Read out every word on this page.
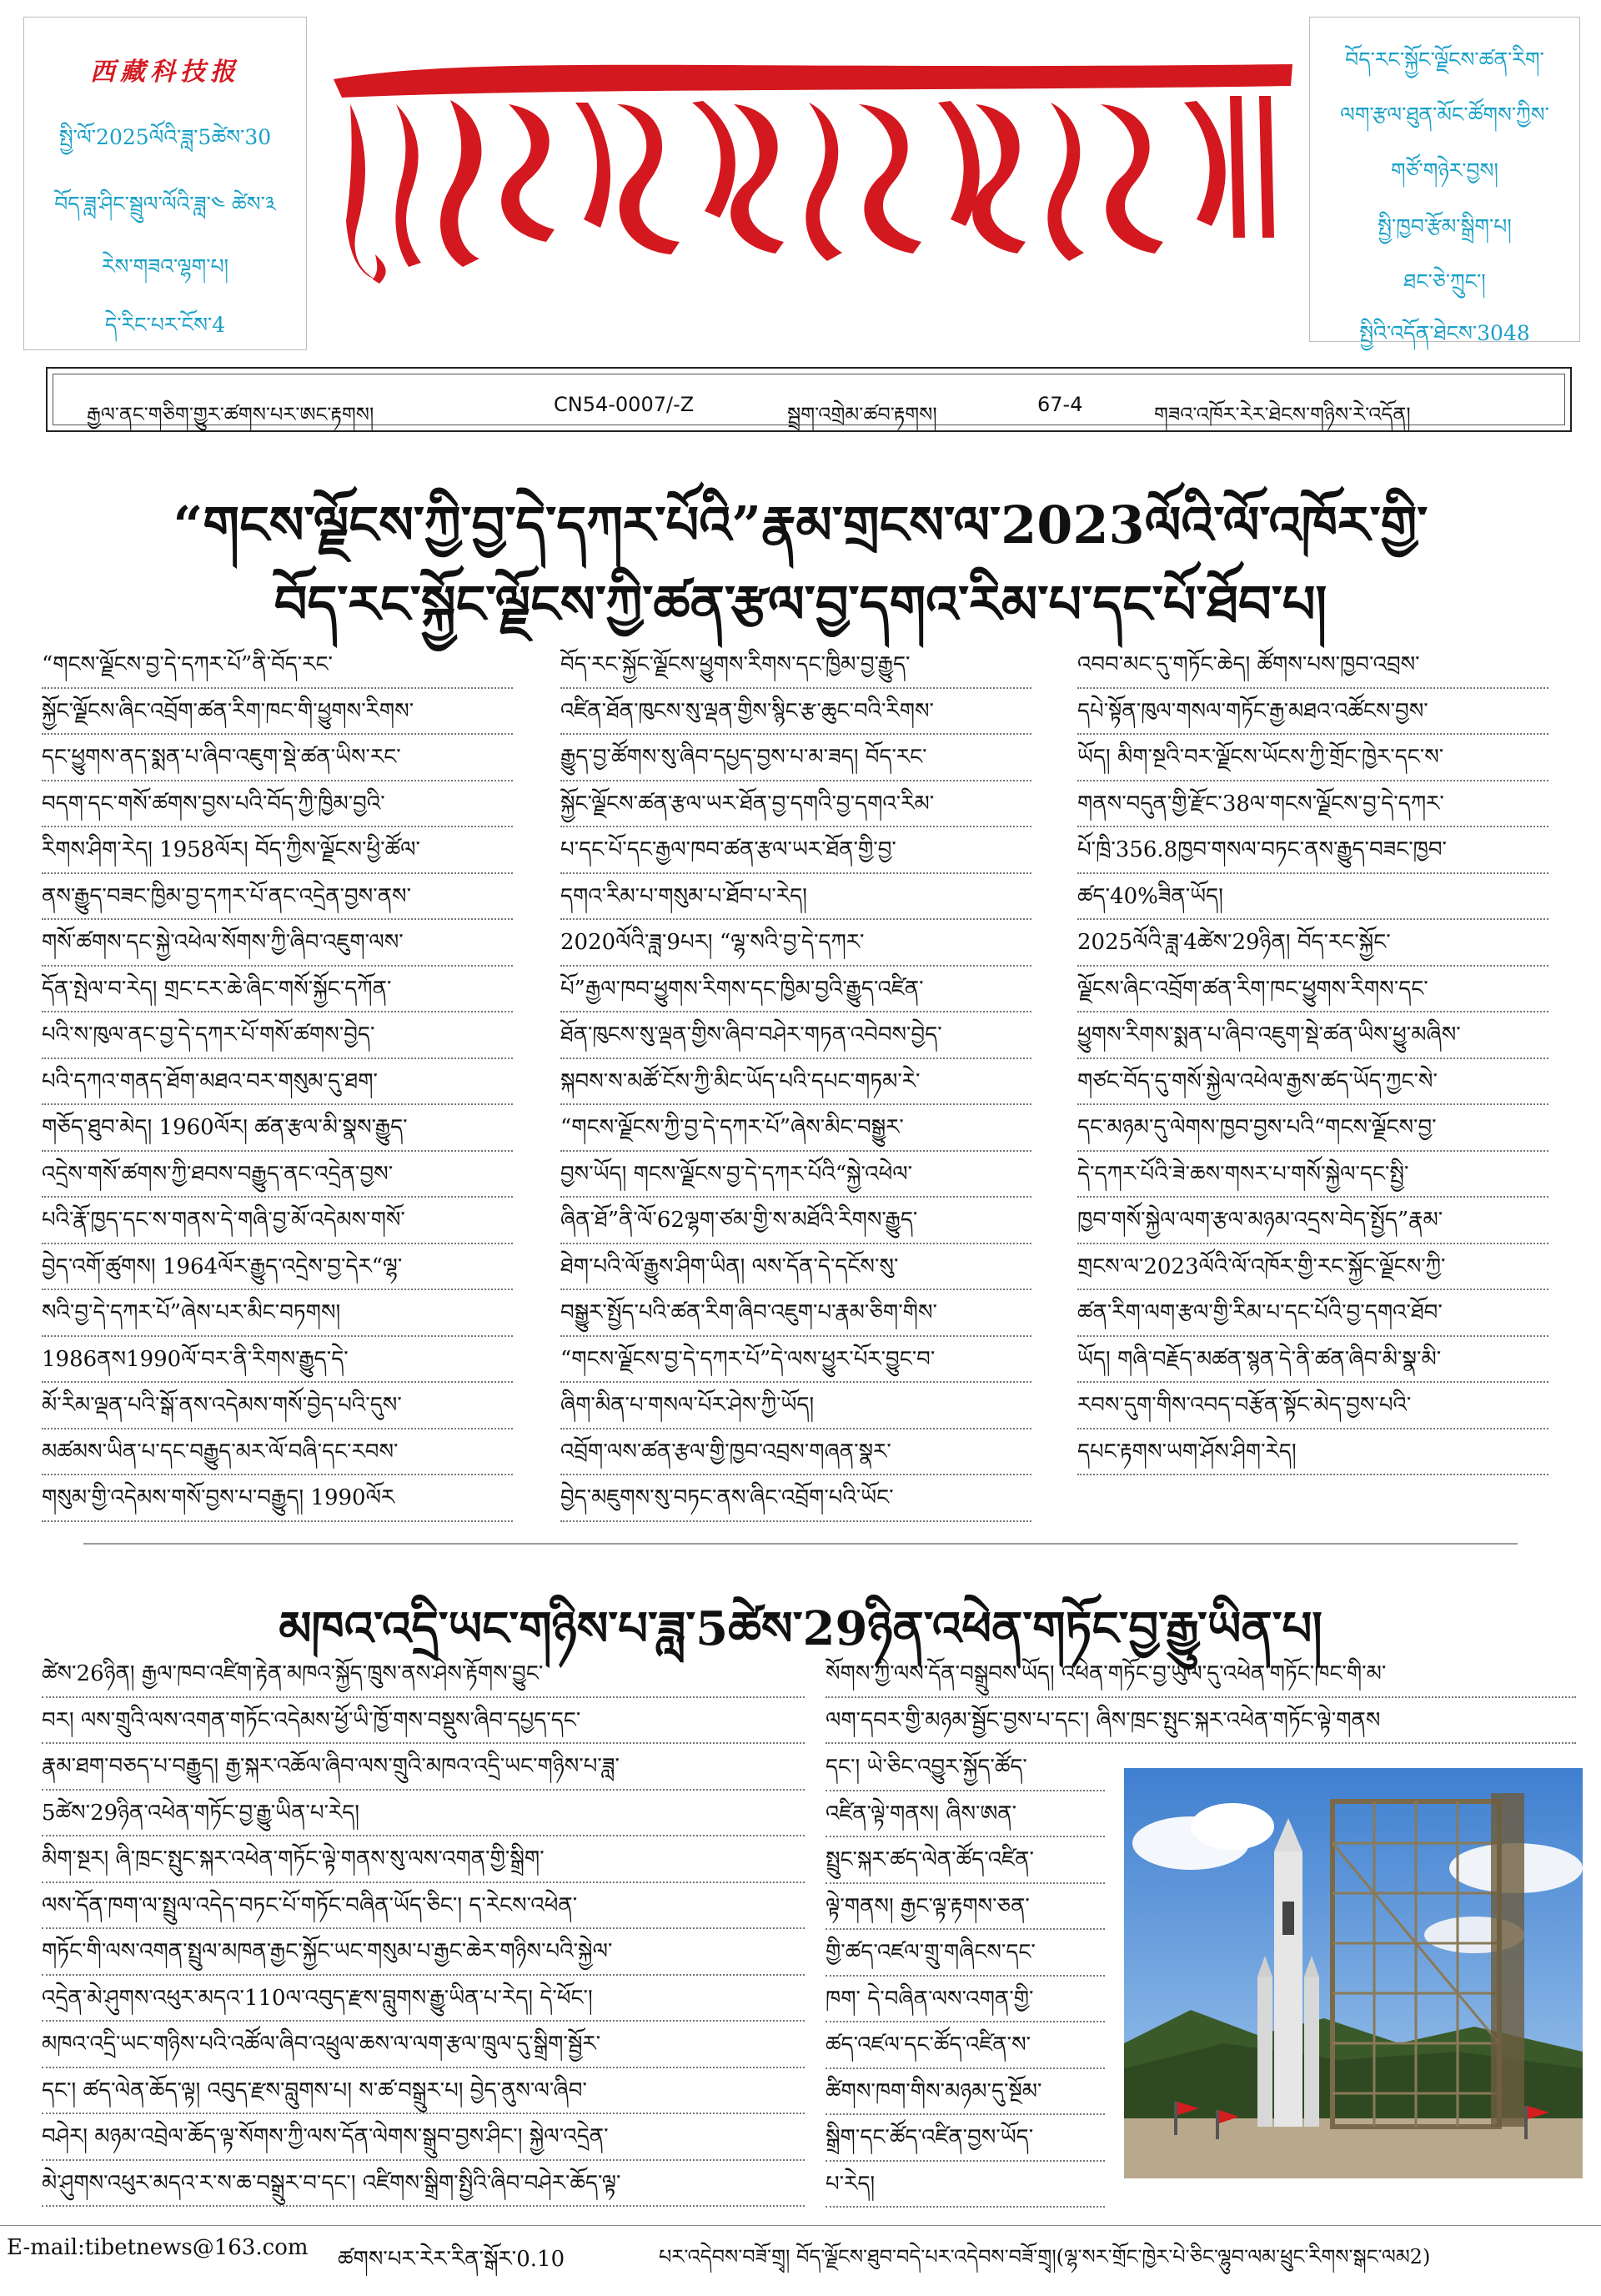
西藏科技报
སྤྱི་ལོ་2025ལོའི་ཟླ་5ཚེས་30
བོད་ཟླ་ཤིང་སྦྲུལ་ལོའི་ཟླ་༤ ཚེས་༣
རེས་གཟའ་ལྷག་པ།
དེ་རིང་པར་ངོས་4
བོད་རང་སྐྱོང་ལྗོངས་ཚན་རིག་
ལག་རྩལ་ཐུན་མོང་ཚོགས་ཀྱིས་
གཙོ་གཉེར་བྱས།
སྤྱི་ཁྱབ་རྩོམ་སྒྲིག་པ།
ཐང་ཅེ་ཀྲུང་།
སྤྱིའི་འདོན་ཐེངས་3048
རྒྱལ་ནང་གཅིག་གྱུར་ཚགས་པར་ཨང་རྟགས།	CN54-0007/-Z	སྦྲག་འགྲེམ་ཚབ་རྟགས།	67-4	གཟའ་འཁོར་རེར་ཐེངས་གཉིས་རེ་འདོན།
“གངས་ལྗོངས་ཀྱི་བྱ་དེ་དཀར་པོའི”རྣམ་གྲངས་ལ་2023ལོའི་ལོ་འཁོར་གྱི་
བོད་རང་སྐྱོང་ལྗོངས་ཀྱི་ཚན་རྩལ་བྱ་དགའ་རིམ་པ་དང་པོ་ཐོབ་པ།
“གངས་ལྗོངས་བྱ་དེ་དཀར་པོ”ནི་བོད་རང་
སྐྱོང་ལྗོངས་ཞིང་འབྲོག་ཚན་རིག་ཁང་གི་ཕྱུགས་རིགས་
དང་ཕྱུགས་ནད་སྨན་པ་ཞིབ་འཇུག་སྡེ་ཚན་ཡིས་རང་
བདག་དང་གསོ་ཚགས་བྱས་པའི་བོད་ཀྱི་ཁྱིམ་བྱའི་
རིགས་ཤིག་རེད། 1958ལོར། བོད་ཀྱིས་ལྗོངས་ཕྱི་ཚོལ་
ནས་རྒྱུད་བཟང་ཁྱིམ་བྱ་དཀར་པོ་ནང་འདྲེན་བྱས་ནས་
གསོ་ཚགས་དང་སྐྱེ་འཕེལ་སོགས་ཀྱི་ཞིབ་འཇུག་ལས་
དོན་སྤེལ་བ་རེད། གྲང་ངར་ཆེ་ཞིང་གསོ་སྐྱོང་དཀོན་
པའི་ས་ཁུལ་ནང་བྱ་དེ་དཀར་པོ་གསོ་ཚགས་བྱེད་
པའི་དཀའ་གནད་ཐོག་མཐའ་བར་གསུམ་དུ་ཐག་
གཅོད་ཐུབ་མེད། 1960ལོར། ཚན་རྩལ་མི་སྣས་རྒྱུད་
འདྲེས་གསོ་ཚགས་ཀྱི་ཐབས་བརྒྱུད་ནང་འདྲེན་བྱས་
པའི་རྣོ་ཁྱད་དང་ས་གནས་དེ་གཞི་བྱ་མོ་འདེམས་གསོ་
བྱེད་འགོ་ཚུགས། 1964ལོར་རྒྱུད་འདྲེས་བྱ་དེར“ལྷ་
སའི་བྱ་དེ་དཀར་པོ”ཞེས་པར་མིང་བཏགས།
1986ནས1990ལོ་བར་ནི་རིགས་རྒྱུད་དེ་
མོ་རིམ་ལྡན་པའི་སྒོ་ནས་འདེམས་གསོ་བྱེད་པའི་དུས་
མཚམས་ཡིན་པ་དང་བརྒྱུད་མར་ལོ་བཞི་དང་རབས་
གསུམ་གྱི་འདེམས་གསོ་བྱས་པ་བརྒྱུད། 1990ལོར
བོད་རང་སྐྱོང་ལྗོངས་ཕྱུགས་རིགས་དང་ཁྱིམ་བྱ་རྒྱུད་
འཛིན་ཐོན་ཁུངས་སུ་ལྡན་གྱིས་སྙིང་རྩ་ཆུང་བའི་རིགས་
རྒྱུད་བྱ་ཚོགས་སུ་ཞིབ་དཔྱད་བྱས་པ་མ་ཟད། བོད་རང་
སྐྱོང་ལྗོངས་ཚན་རྩལ་ཡར་ཐོན་བྱ་དགའི་བྱ་དགའ་རིམ་
པ་དང་པོ་དང་རྒྱལ་ཁབ་ཚན་རྩལ་ཡར་ཐོན་གྱི་བྱ་
དགའ་རིམ་པ་གསུམ་པ་ཐོབ་པ་རེད།
2020ལོའི་ཟླ་9པར། “ལྷ་སའི་བྱ་དེ་དཀར་
པོ”རྒྱལ་ཁབ་ཕྱུགས་རིགས་དང་ཁྱིམ་བྱའི་རྒྱུད་འཛིན་
ཐོན་ཁུངས་སུ་ལྡན་གྱིས་ཞིབ་བཤེར་གཏན་འབེབས་བྱེད་
སྐབས་ས་མཚོ་ངོས་ཀྱི་མིང་ཡོད་པའི་དཔང་གཏམ་རེ་
“གངས་ལྗོངས་ཀྱི་བྱ་དེ་དཀར་པོ”ཞེས་མིང་བསྒྱུར་
བྱས་ཡོད། གངས་ལྗོངས་བྱ་དེ་དཀར་པོའི“སྐྱེ་འཕེལ་
ཞིན་ཐོ”ནི་ལོ་62ལྷག་ཙམ་གྱི་ས་མཐོའི་རིགས་རྒྱུད་
ཐེག་པའི་ལོ་རྒྱུས་ཤིག་ཡིན། ལས་དོན་དེ་དངོས་སུ་
བསྒྱུར་སྤྱོད་པའི་ཚན་རིག་ཞིབ་འཇུག་པ་རྣམ་ཅིག་གིས་
“གངས་ལྗོངས་བྱ་དེ་དཀར་པོ”དེ་ལས་ཕྱུར་པོར་བྱུང་བ་
ཞིག་མིན་པ་གསལ་པོར་ཤེས་ཀྱི་ཡོད།
འབྲོག་ལས་ཚན་རྩལ་གྱི་ཁྱབ་འབྲས་གཞན་སྣར་
བྱེད་མཇུགས་སུ་བཏང་ནས་ཞིང་འབྲོག་པའི་ཡོང་
འབབ་མང་དུ་གཏོང་ཆེད། ཚོགས་པས་ཁྱབ་འབྲས་
དཔེ་སྟོན་ཁུལ་གསལ་གཏོང་རྒྱ་མཐའ་འཚོངས་བྱས་
ཡོད། མིག་སྔའི་བར་ལྗོངས་ཡོངས་ཀྱི་གྲོང་ཁྱེར་དང་ས་
གནས་བདུན་གྱི་རྫོང་38ལ་གངས་ལྗོངས་བྱ་དེ་དཀར་
པོ་ཁྲི་356.8ཁྱབ་གསལ་བཏང་ནས་རྒྱུད་བཟང་ཁྱབ་
ཚད་40%ཟིན་ཡོད།
2025ལོའི་ཟླ་4ཚེས་29ཉིན། བོད་རང་སྐྱོང་
ལྗོངས་ཞིང་འབྲོག་ཚན་རིག་ཁང་ཕྱུགས་རིགས་དང་
ཕྱུགས་རིགས་སྨན་པ་ཞིབ་འཇུག་སྡེ་ཚན་ཡིས་ཕྱུ་མཞིས་
གཙང་བོད་དུ་གསོ་སྐྱེལ་འཕེལ་རྒྱས་ཚད་ཡོད་ཀྱང་སེ་
དང་མཉམ་དུ་ལེགས་ཁྱབ་བྱས་པའི“གངས་ལྗོངས་བྱ་
དེ་དཀར་པོའི་ཟེ་ཆས་གསར་པ་གསོ་སྐྱེལ་དང་སྤྱི་
ཁྱབ་གསོ་སྐྱེལ་ལག་རྩལ་མཉམ་འདྲས་བེད་སྤྱོད”རྣམ་
གྲངས་ལ་2023ལོའི་ལོ་འཁོར་གྱི་རང་སྐྱོང་ལྗོངས་ཀྱི་
ཚན་རིག་ལག་རྩལ་གྱི་རིམ་པ་དང་པོའི་བྱ་དགའ་ཐོབ་
ཡོད། གཞི་བརྗོད་མཚན་སྙན་དེ་ནི་ཚན་ཞིབ་མི་སྣ་མི་
རབས་དུག་གིས་འབད་བརྩོན་སྟོང་མེད་བྱས་པའི་
དཔང་རྟགས་ཡག་ཤོས་ཤིག་རེད།
མཁའ་འདྲི་ཡང་གཉིས་པ་ཟླ་5ཚེས་29ཉིན་འཕེན་གཏོང་བྱ་རྒྱུ་ཡིན་པ།
ཚེས་26ཉིན། རྒྱལ་ཁབ་འཛིག་རྟེན་མཁའ་སྐྱོད་ཁྲུས་ནས་ཤེས་རྟོགས་བྱུང་
བར། ལས་གྲུའི་ལས་འགན་གཏོང་འདེམས་ཕྱོ་ཡི་ཁྱོ་གས་བསྡུས་ཞིབ་དཔྱད་དང་
རྣམ་ཐག་བཅད་པ་བརྒྱུད། རྒྱ་སྐར་འཆོལ་ཞིབ་ལས་གྲུའི་མཁའ་འདྲི་ཡང་གཉིས་པ་ཟླ་
5ཚེས་29ཉིན་འཕེན་གཏོང་བྱ་རྒྱུ་ཡིན་པ་རེད།
མིག་སྔར། ཞི་ཁྲང་སྤུང་སྐར་འཕེན་གཏོང་ལྟེ་གནས་སུ་ལས་འགན་གྱི་སྒྲིག་
ལས་དོན་ཁག་ལ་སྤྲུལ་འདེད་བཏང་པོ་གཏོང་བཞིན་ཡོད་ཅིང་། ད་རེངས་འཕེན་
གཏོང་གི་ལས་འགན་སྤྲུལ་མཁན་རྒྱང་སྐྱོང་ཡང་གསུམ་པ་རྒྱང་ཆེར་གཉིས་པའི་སྐྱེལ་
འདྲེན་མེ་ཤུགས་འཕུར་མདའ་110ལ་འབུད་རྫས་བླུགས་རྒྱུ་ཡིན་པ་རེད། དེ་ཕོང་།
མཁའ་འདྲི་ཡང་གཉིས་པའི་འཚོལ་ཞིབ་འཕྲུལ་ཆས་ལ་ལག་རྩལ་ཁྲུལ་དུ་སྒྲིག་སྦྱོར་
དང་། ཚད་ལེན་ཆོད་ལྟ། འབུད་རྫས་བླུགས་པ། ས་ཚ་བསྒྲུར་པ། བྱེད་ནུས་ལ་ཞིབ་
བཤེར། མཉམ་འབྲེལ་ཆོད་ལྟ་སོགས་ཀྱི་ལས་དོན་ལེགས་སྒྲུབ་བྱས་ཤིང་། སྐྱེལ་འདྲེན་
མེ་ཤུགས་འཕུར་མདའ་ར་ས་ཆ་བསྒྲུར་བ་དང་། འཛིགས་སྒྲིག་སྤྱིའི་ཞིབ་བཤེར་ཆོད་ལྟ་
སོགས་ཀྱི་ལས་དོན་བསྒྲུབས་ཡོད། འཕེན་གཏོང་བྱ་ཡུལ་དུ་འཕེན་གཏོང་ཁང་གི་མ་
ལག་དབར་གྱི་མཉམ་སྦྱོང་བྱས་པ་དང་། ཞིས་ཁྲང་སྤུང་སྐར་འཕེན་གཏོང་ལྟེ་གནས
དང་། ཡེ་ཅིང་འབྱུར་སྐྱོད་ཚོད་
འཛིན་ལྟེ་གནས། ཞིས་ཨན་
སྤྲུང་སྐར་ཚད་ལེན་ཚོད་འཛིན་
ལྟེ་གནས། རྒྱང་ལྟ་རྟགས་ཅན་
གྱི་ཚད་འཛལ་གྲུ་གཞིངས་དང་
ཁག་ དེ་བཞིན་ལས་འགན་གྱི་
ཚད་འཛལ་དང་ཚོད་འཛིན་ས་
ཚིགས་ཁག་གིས་མཉམ་དུ་སྔོམ་
སྒྲིག་དང་ཚོད་འཛིན་བྱས་ཡོད་
པ་རེད།
E-mail:tibetnews@163.com ཚགས་པར་རེར་རིན་སྒོར་0.10	པར་འདེབས་བཟོ་གྲྭ། བོད་ལྗོངས་ཐུབ་བདེ་པར་འདེབས་བཟོ་གྲྭ།(ལྷ་སར་གྲོང་ཁྱེར་པེ་ཅིང་ལྷུབ་ལམ་ཕྲུང་རིགས་སྒང་ལམ2)
